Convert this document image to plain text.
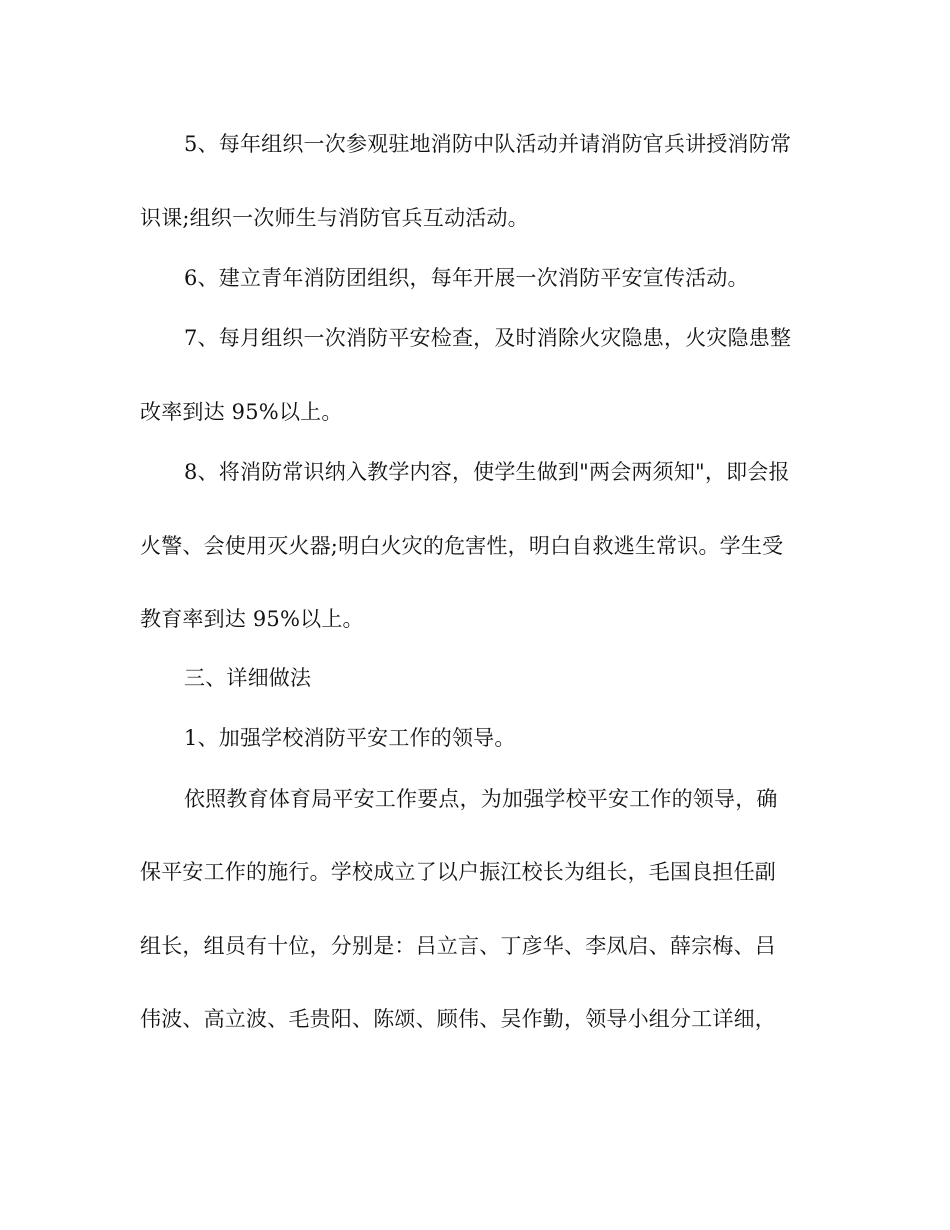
5、每年组织一次参观驻地消防中队活动并请消防官兵讲授消防常
识课;组织一次师生与消防官兵互动活动。
6、建立青年消防团组织，每年开展一次消防平安宣传活动。
7、每月组织一次消防平安检查，及时消除火灾隐患，火灾隐患整
改率到达 95%以上。
8、将消防常识纳入教学内容，使学生做到"两会两须知"，即会报
火警、会使用灭火器;明白火灾的危害性，明白自救逃生常识。学生受
教育率到达 95%以上。
三、详细做法
1、加强学校消防平安工作的领导。
依照教育体育局平安工作要点，为加强学校平安工作的领导，确
保平安工作的施行。学校成立了以户振江校长为组长，毛国良担任副
组长，组员有十位，分别是：吕立言、丁彦华、李凤启、薛宗梅、吕
伟波、高立波、毛贵阳、陈颂、顾伟、吴作勤，领导小组分工详细，
